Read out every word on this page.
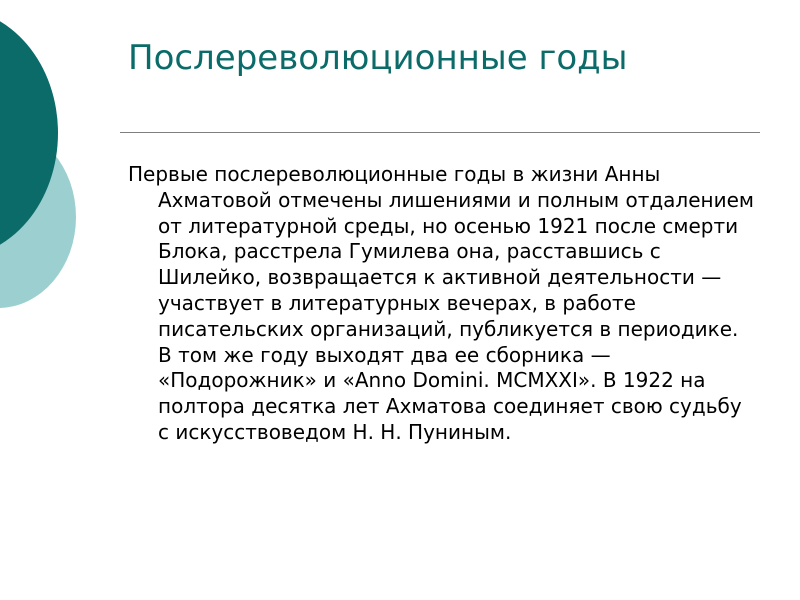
Послереволюционные годы

Первые послереволюционные годы в жизни Анны Ахматовой отмечены лишениями и полным отдалением от литературной среды, но осенью 1921 после смерти Блока, расстрела Гумилева она, расставшись с Шилейко, возвращается к активной деятельности — участвует в литературных вечерах, в работе писательских организаций, публикуется в периодике. В том же году выходят два ее сборника — «Подорожник» и «Anno Domini. MCMXXI». В 1922 на полтора десятка лет Ахматова соединяет свою судьбу с искусствоведом Н. Н. Пуниным.
